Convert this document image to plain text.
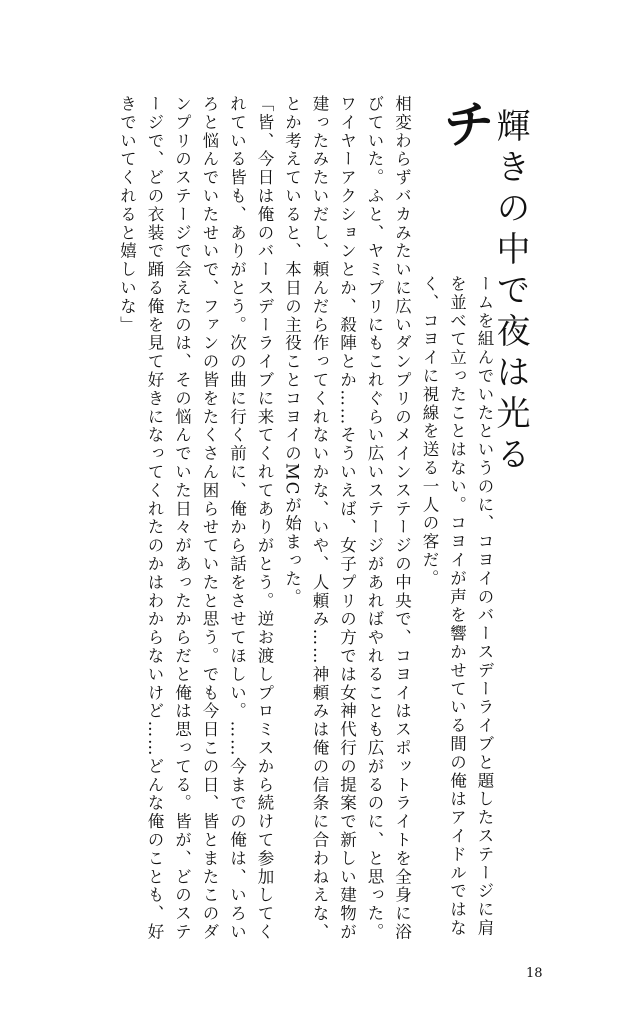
輝きの中で夜は光る
チ

ームを組んでいたというのに、コヨイのバースデーライブと題したステージに肩を並べて立ったことはない。コヨイが声を響かせている間の俺はアイドルではなく、コヨイに視線を送る一人の客だ。

相変わらずバカみたいに広いダンプリのメインステージの中央で、コヨイはスポットライトを全身に浴びていた。ふと、ヤミプリにもこれぐらい広いステージがあればやれることも広がるのに、と思った。ワイヤーアクションとか、殺陣とか……そういえば、女子プリの方では女神代行の提案で新しい建物が建ったみたいだし、頼んだら作ってくれないかな、いや、人頼み……神頼みは俺の信条に合わねえな、とか考えていると、本日の主役ことコヨイのMCが始まった。

「皆、今日は俺のバースデーライブに来てくれてありがとう。逆お渡しプロミスから続けて参加してくれている皆も、ありがとう。次の曲に行く前に、俺から話をさせてほしい。……今までの俺は、いろいろと悩んでいたせいで、ファンの皆をたくさん困らせていたと思う。でも今日この日、皆とまたこのダンプリのステージで会えたのは、その悩んでいた日々があったからだと俺は思ってる。皆が、どのステージで、どの衣装で踊る俺を見て好きになってくれたのかはわからないけど……どんな俺のことも、好きでいてくれると嬉しいな」

18
